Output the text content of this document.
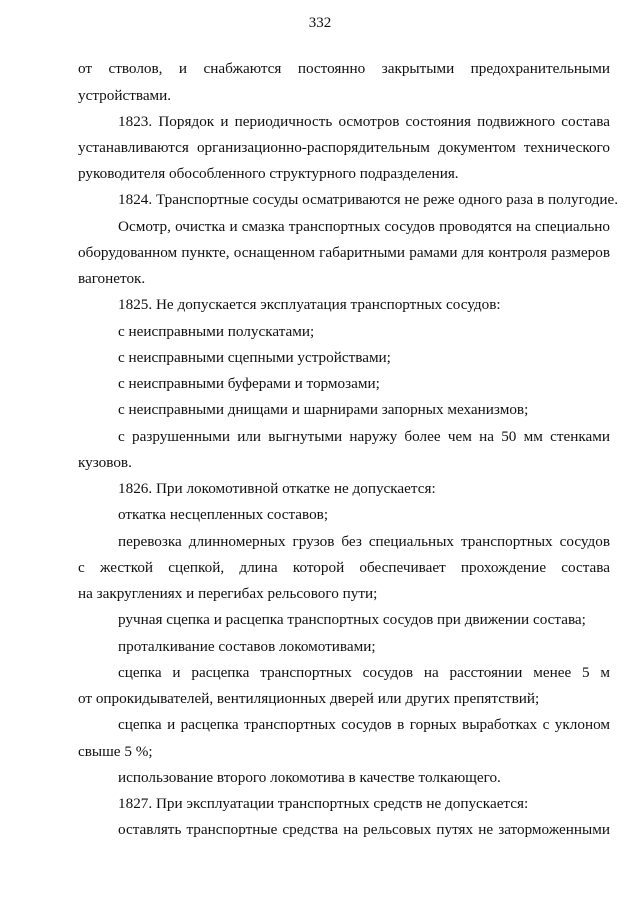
332

от стволов, и снабжаются постоянно закрытыми предохранительными

устройствами.

1823. Порядок и периодичность осмотров состояния подвижного состава

устанавливаются организационно-распорядительным документом технического

руководителя обособленного структурного подразделения.

1824. Транспортные сосуды осматриваются не реже одного раза в полугодие.

Осмотр, очистка и смазка транспортных сосудов проводятся на специально

оборудованном пункте, оснащенном габаритными рамами для контроля размеров

вагонеток.

1825. Не допускается эксплуатация транспортных сосудов:

с неисправными полускатами;

с неисправными сцепными устройствами;

с неисправными буферами и тормозами;

с неисправными днищами и шарнирами запорных механизмов;

с разрушенными или выгнутыми наружу более чем на 50 мм стенками

кузовов.

1826. При локомотивной откатке не допускается:

откатка несцепленных составов;

перевозка длинномерных грузов без специальных транспортных сосудов

с жесткой сцепкой, длина которой обеспечивает прохождение состава

на закруглениях и перегибах рельсового пути;

ручная сцепка и расцепка транспортных сосудов при движении состава;

проталкивание составов локомотивами;

сцепка и расцепка транспортных сосудов на расстоянии менее 5 м

от опрокидывателей, вентиляционных дверей или других препятствий;

сцепка и расцепка транспортных сосудов в горных выработках с уклоном

свыше 5 %;

использование второго локомотива в качестве толкающего.

1827. При эксплуатации транспортных средств не допускается:

оставлять транспортные средства на рельсовых путях не заторможенными
